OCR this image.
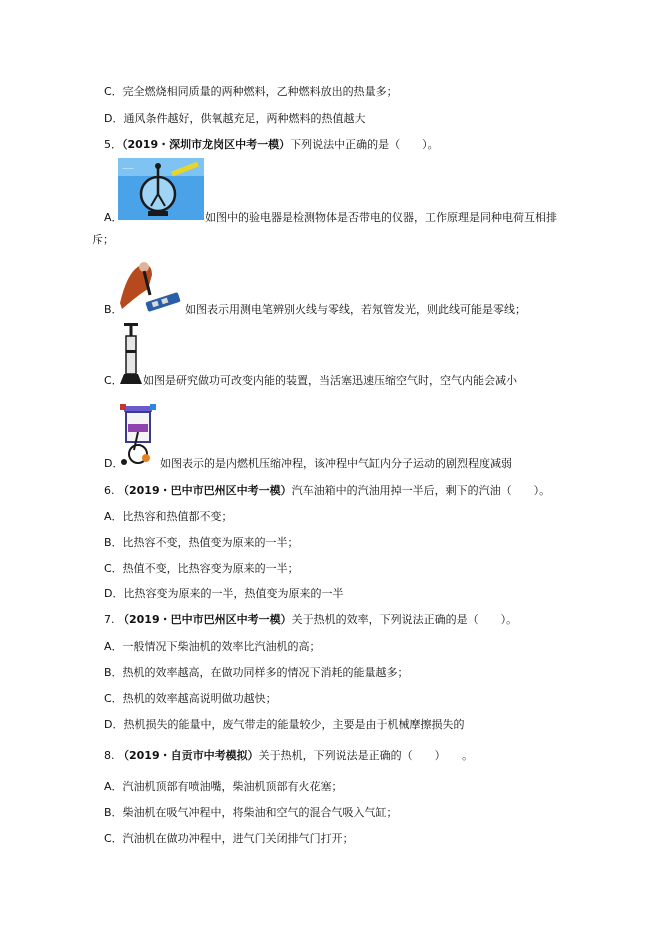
C．完全燃烧相同质量的两种燃料，乙种燃料放出的热量多；
D．通风条件越好，供氧越充足，两种燃料的热值越大
5．（2019・深圳市龙岗区中考一模）下列说法中正确的是（　　）。
——
A．	如图中的验电器是检测物体是否带电的仪器，工作原理是同种电荷互相排
斥；
B．	如图表示用测电笔辨别火线与零线，若氖管发光，则此线可能是零线；
C． 如图是研究做功可改变内能的装置，当活塞迅速压缩空气时，空气内能会减小
D．	如图表示的是内燃机压缩冲程，该冲程中气缸内分子运动的剧烈程度减弱
6. （2019・巴中市巴州区中考一模）汽车油箱中的汽油用掉一半后，剩下的汽油（　　）。
A．比热容和热值都不变；
B．比热容不变，热值变为原来的一半；
C．热值不变，比热容变为原来的一半；
D．比热容变为原来的一半，热值变为原来的一半
7. （2019・巴中市巴州区中考一模）关于热机的效率，下列说法正确的是（　　）。
A．一般情况下柴油机的效率比汽油机的高；
B．热机的效率越高，在做功同样多的情况下消耗的能量越多；
C．热机的效率越高说明做功越快；
D．热机损失的能量中，废气带走的能量较少，主要是由于机械摩擦损失的
8. （2019・自贡市中考模拟）关于热机，下列说法是正确的（　　）　　。
A．汽油机顶部有喷油嘴，柴油机顶部有火花塞；
B．柴油机在吸气冲程中，将柴油和空气的混合气吸入气缸；
C．汽油机在做功冲程中，进气门关闭排气门打开；
